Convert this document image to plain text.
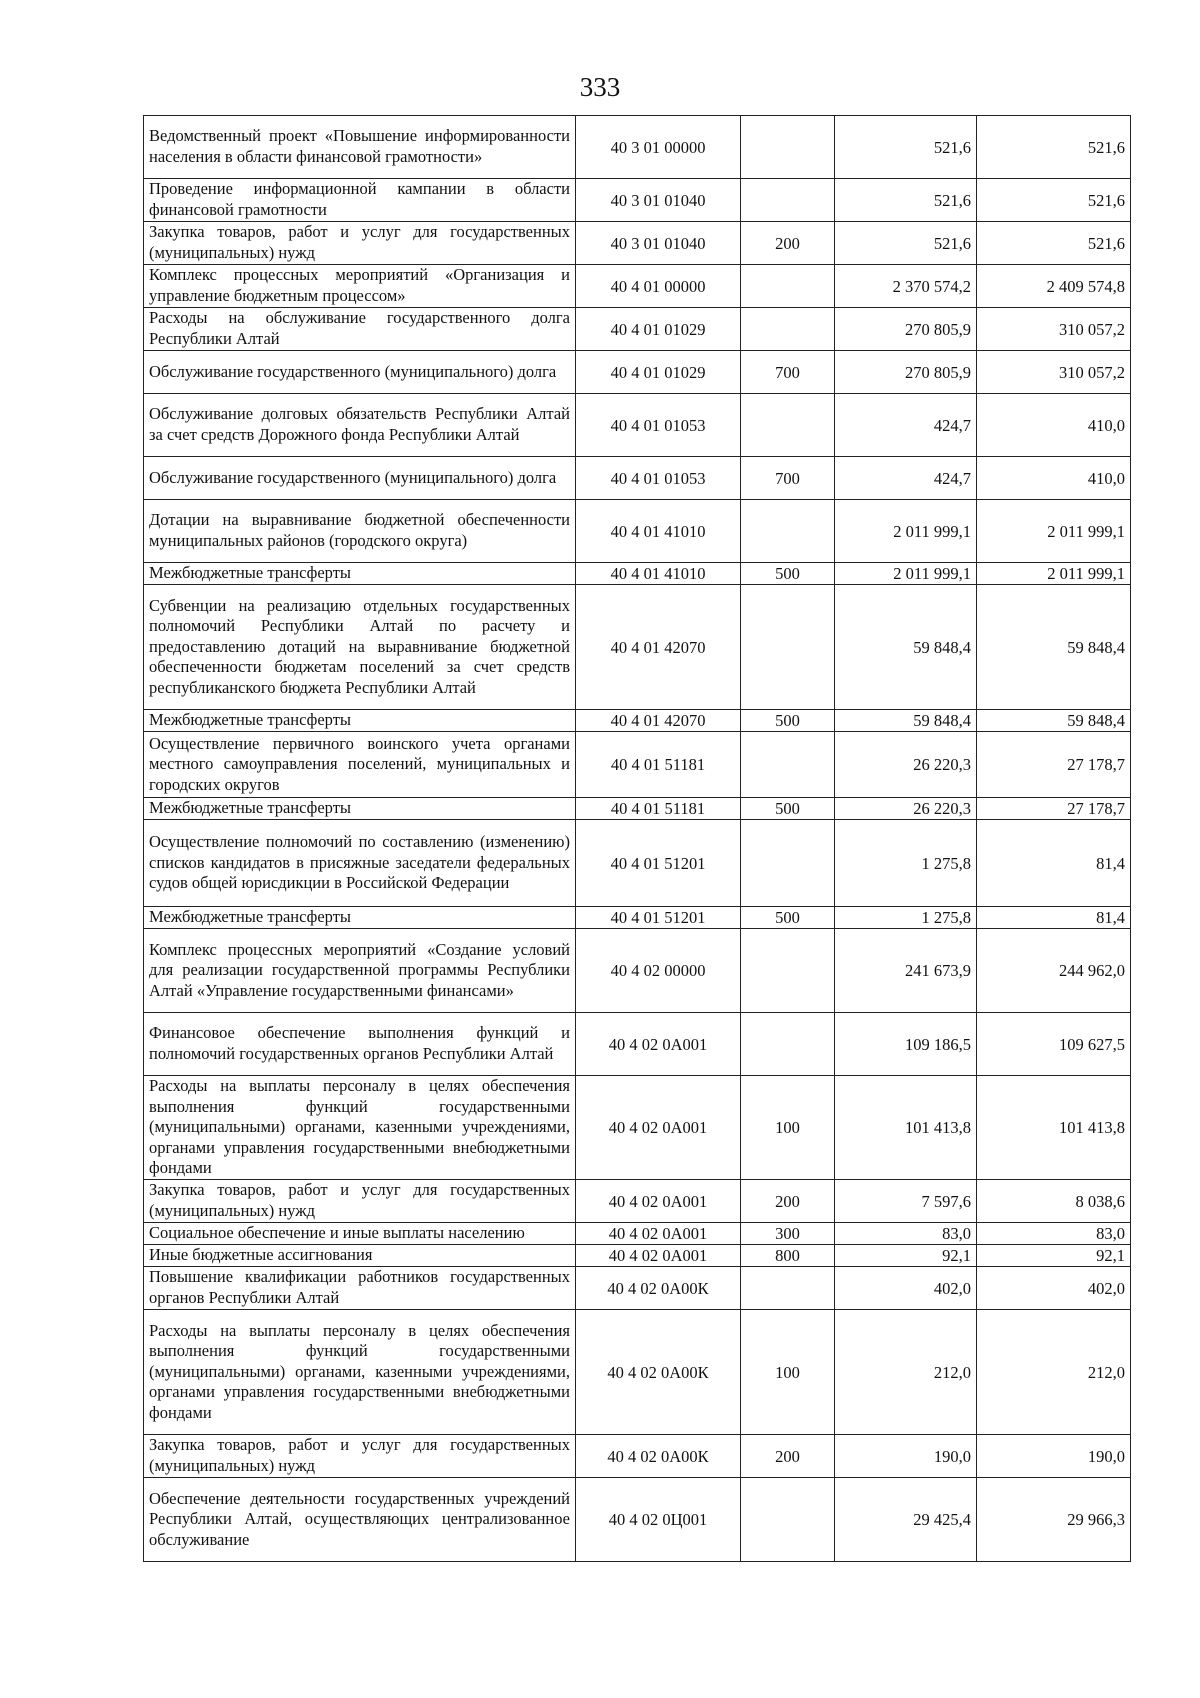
333
Ведомственный проект «Повышение информированности населения в области финансовой грамотности»	40 3 01 00000		521,6	521,6
Проведение информационной кампании в области финансовой грамотности	40 3 01 01040		521,6	521,6
Закупка товаров, работ и услуг для государственных (муниципальных) нужд	40 3 01 01040	200	521,6	521,6
Комплекс процессных мероприятий «Организация и управление бюджетным процессом»	40 4 01 00000		2 370 574,2	2 409 574,8
Расходы на обслуживание государственного долга Республики Алтай	40 4 01 01029		270 805,9	310 057,2
Обслуживание государственного (муниципального) долга	40 4 01 01029	700	270 805,9	310 057,2
Обслуживание долговых обязательств Республики Алтай за счет средств Дорожного фонда Республики Алтай	40 4 01 01053		424,7	410,0
Обслуживание государственного (муниципального) долга	40 4 01 01053	700	424,7	410,0
Дотации на выравнивание бюджетной обеспеченности муниципальных районов (городского округа)	40 4 01 41010		2 011 999,1	2 011 999,1
Межбюджетные трансферты	40 4 01 41010	500	2 011 999,1	2 011 999,1
Субвенции на реализацию отдельных государственных полномочий Республики Алтай по расчету и предоставлению дотаций на выравнивание бюджетной обеспеченности бюджетам поселений за счет средств республиканского бюджета Республики Алтай	40 4 01 42070		59 848,4	59 848,4
Межбюджетные трансферты	40 4 01 42070	500	59 848,4	59 848,4
Осуществление первичного воинского учета органами местного самоуправления поселений, муниципальных и городских округов	40 4 01 51181		26 220,3	27 178,7
Межбюджетные трансферты	40 4 01 51181	500	26 220,3	27 178,7
Осуществление полномочий по составлению (изменению) списков кандидатов в присяжные заседатели федеральных судов общей юрисдикции в Российской Федерации	40 4 01 51201		1 275,8	81,4
Межбюджетные трансферты	40 4 01 51201	500	1 275,8	81,4
Комплекс процессных мероприятий «Создание условий для реализации государственной программы Республики Алтай «Управление государственными финансами»	40 4 02 00000		241 673,9	244 962,0
Финансовое обеспечение выполнения функций и полномочий государственных органов Республики Алтай	40 4 02 0А001		109 186,5	109 627,5
Расходы на выплаты персоналу в целях обеспечения выполнения функций государственными (муниципальными) органами, казенными учреждениями, органами управления государственными внебюджетными фондами	40 4 02 0А001	100	101 413,8	101 413,8
Закупка товаров, работ и услуг для государственных (муниципальных) нужд	40 4 02 0А001	200	7 597,6	8 038,6
Социальное обеспечение и иные выплаты населению	40 4 02 0А001	300	83,0	83,0
Иные бюджетные ассигнования	40 4 02 0А001	800	92,1	92,1
Повышение квалификации работников государственных органов Республики Алтай	40 4 02 0А00К		402,0	402,0
Расходы на выплаты персоналу в целях обеспечения выполнения функций государственными (муниципальными) органами, казенными учреждениями, органами управления государственными внебюджетными фондами	40 4 02 0А00К	100	212,0	212,0
Закупка товаров, работ и услуг для государственных (муниципальных) нужд	40 4 02 0А00К	200	190,0	190,0
Обеспечение деятельности государственных учреждений Республики Алтай, осуществляющих централизованное обслуживание	40 4 02 0Ц001		29 425,4	29 966,3
